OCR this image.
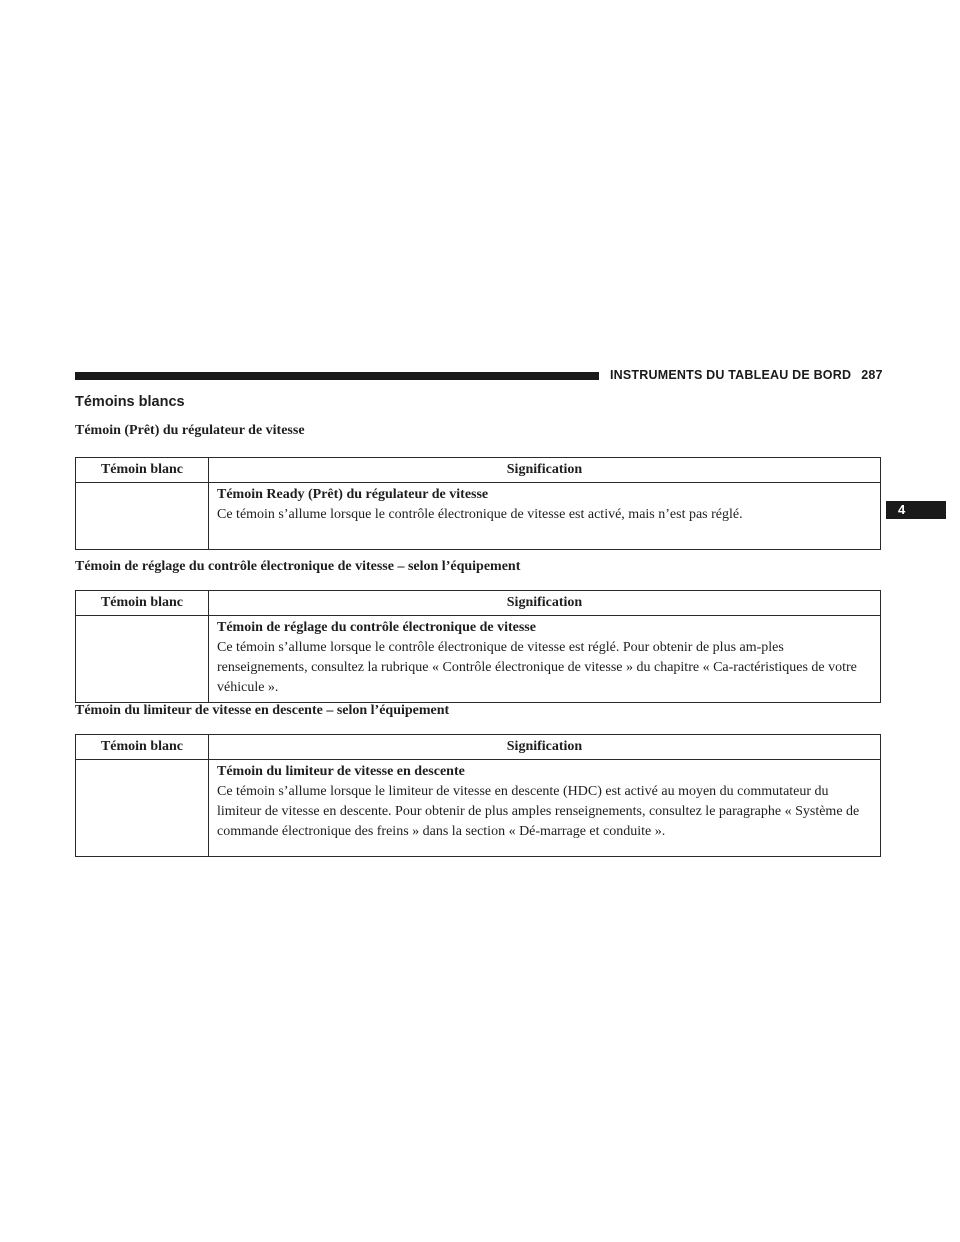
INSTRUMENTS DU TABLEAU DE BORD 287
4
Témoins blancs
Témoin (Prêt) du régulateur de vitesse
Témoin blanc	Signification

	Témoin Ready (Prêt) du régulateur de vitesse
Ce témoin s’allume lorsque le contrôle électronique de vitesse est activé, mais n’est pas réglé.
Témoin de réglage du contrôle électronique de vitesse – selon l’équipement
Témoin blanc	Signification

	Témoin de réglage du contrôle électronique de vitesse
Ce témoin s’allume lorsque le contrôle électronique de vitesse est réglé. Pour obtenir de plus am-ples renseignements, consultez la rubrique « Contrôle électronique de vitesse » du chapitre « Ca-ractéristiques de votre véhicule ».
Témoin du limiteur de vitesse en descente – selon l’équipement
Témoin blanc	Signification

	Témoin du limiteur de vitesse en descente
Ce témoin s’allume lorsque le limiteur de vitesse en descente (HDC) est activé au moyen du commutateur du limiteur de vitesse en descente. Pour obtenir de plus amples renseignements, consultez le paragraphe « Système de commande électronique des freins » dans la section « Dé-marrage et conduite ».
